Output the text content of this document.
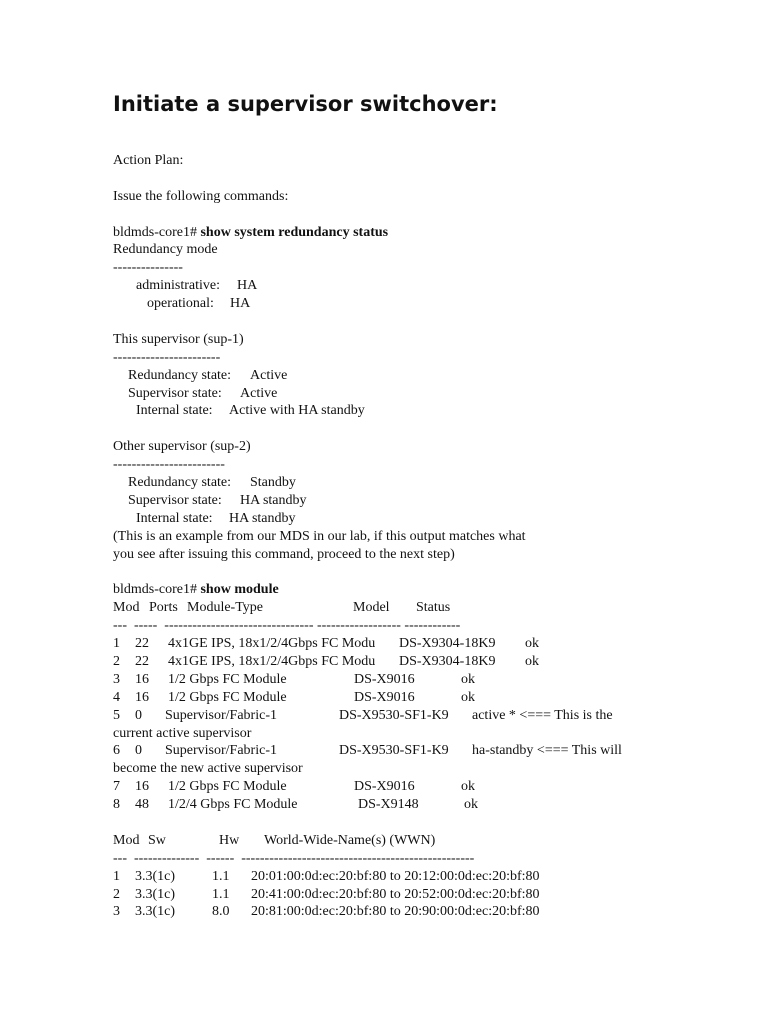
Initiate a supervisor switchover:
Action Plan:
Issue the following commands:
bldmds-core1# show system redundancy status
Redundancy mode
---------------
administrative:	HA
operational:	HA
This supervisor (sup-1)
-----------------------
Redundancy state:	Active
Supervisor state:	Active
Internal state:	Active with HA standby
Other supervisor (sup-2)
------------------------
Redundancy state:	Standby
Supervisor state:	HA standby
Internal state:	HA standby
(This is an example from our MDS in our lab, if this output matches what
you see after issuing this command, proceed to the next step)
bldmds-core1# show module
Mod Ports Module-Type	Model	Status
---  -----  -------------------------------- ------------------ ------------
1	22	4x1GE IPS, 18x1/2/4Gbps FC Modu	DS-X9304-18K9	ok
2	22	4x1GE IPS, 18x1/2/4Gbps FC Modu	DS-X9304-18K9	ok
3	16	1/2 Gbps FC Module	DS-X9016	ok
4	16	1/2 Gbps FC Module	DS-X9016	ok
5	0	Supervisor/Fabric-1	DS-X9530-SF1-K9	active * <=== This is the
current active supervisor
6	0	Supervisor/Fabric-1	DS-X9530-SF1-K9	ha-standby <=== This will
become the new active supervisor
7	16	1/2 Gbps FC Module	DS-X9016	ok
8	48	1/2/4 Gbps FC Module	DS-X9148	ok
Mod Sw	Hw	World-Wide-Name(s) (WWN)
---  --------------  ------  --------------------------------------------------
1	3.3(1c)	1.1	20:01:00:0d:ec:20:bf:80 to 20:12:00:0d:ec:20:bf:80
2	3.3(1c)	1.1	20:41:00:0d:ec:20:bf:80 to 20:52:00:0d:ec:20:bf:80
3	3.3(1c)	8.0	20:81:00:0d:ec:20:bf:80 to 20:90:00:0d:ec:20:bf:80
